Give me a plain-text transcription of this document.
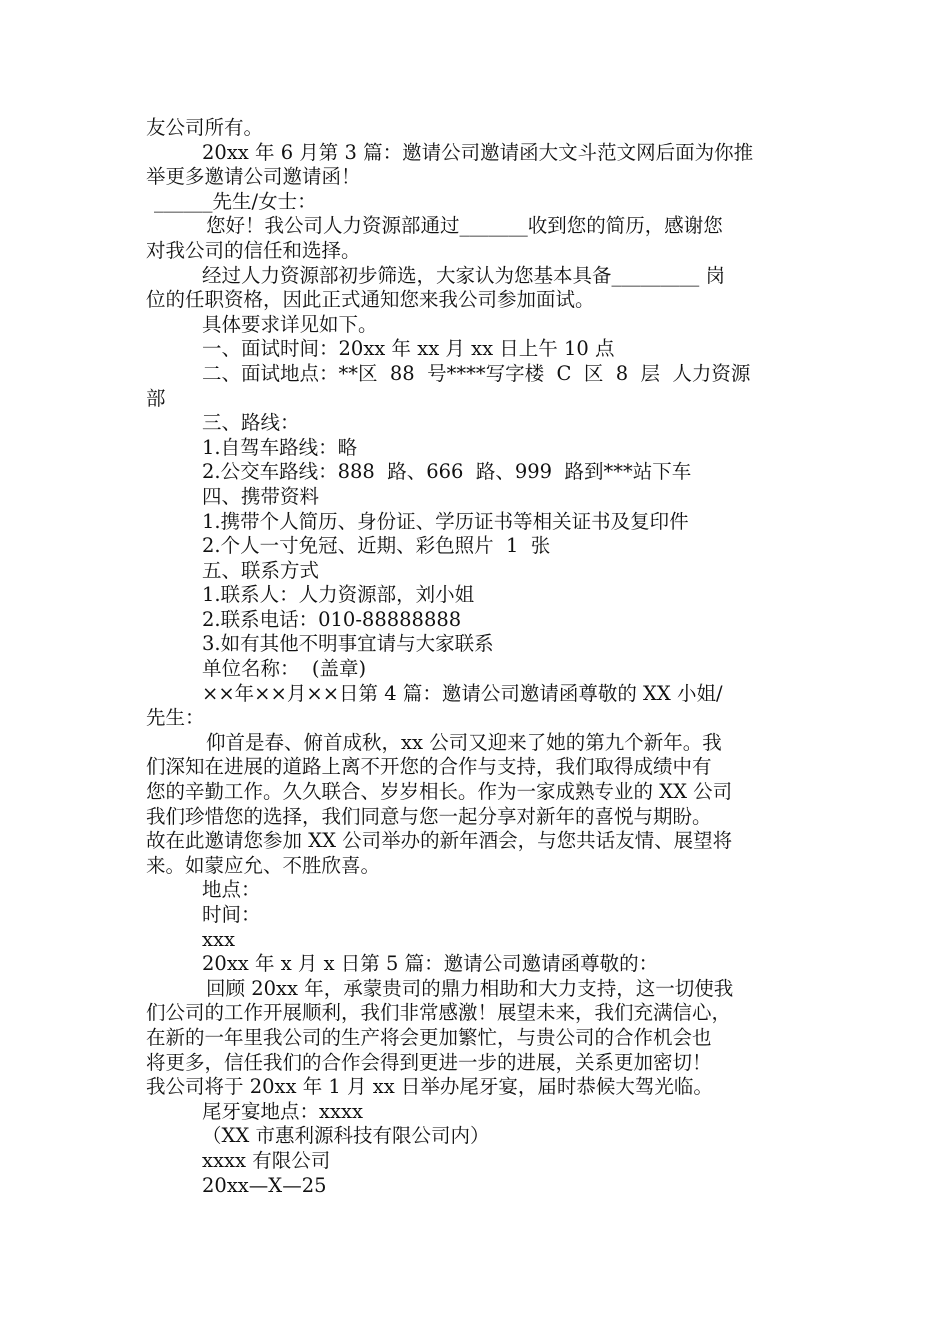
友公司所有。
20xx 年 6 月第 3 篇：邀请公司邀请函大文斗范文网后面为你推
举更多邀请公司邀请函！
______先生/女士：
您好！我公司人力资源部通过_______收到您的简历，感谢您
对我公司的信任和选择。
经过人力资源部初步筛选，大家认为您基本具备_________ 岗
位的任职资格，因此正式通知您来我公司参加面试。
具体要求详见如下。
一、面试时间：20xx 年 xx 月 xx 日上午 10 点
二、面试地点：**区  88  号****写字楼  C  区  8  层  人力资源
部
三、路线：
1.自驾车路线：略
2.公交车路线：888  路、666  路、999  路到***站下车
四、携带资料
1.携带个人简历、身份证、学历证书等相关证书及复印件
2.个人一寸免冠、近期、彩色照片  1  张
五、联系方式
1.联系人：人力资源部，刘小姐
2.联系电话：010-88888888
3.如有其他不明事宜请与大家联系
单位名称：  (盖章)
××年××月××日第 4 篇：邀请公司邀请函尊敬的 XX 小姐/
先生：
仰首是春、俯首成秋，xx 公司又迎来了她的第九个新年。我
们深知在进展的道路上离不开您的合作与支持，我们取得成绩中有
您的辛勤工作。久久联合、岁岁相长。作为一家成熟专业的 XX 公司
我们珍惜您的选择，我们同意与您一起分享对新年的喜悦与期盼。
故在此邀请您参加 XX 公司举办的新年酒会，与您共话友情、展望将
来。如蒙应允、不胜欣喜。
地点：
时间：
xxx
20xx 年 x 月 x 日第 5 篇：邀请公司邀请函尊敬的：
回顾 20xx 年，承蒙贵司的鼎力相助和大力支持，这一切使我
们公司的工作开展顺利，我们非常感激！展望未来，我们充满信心，
在新的一年里我公司的生产将会更加繁忙，与贵公司的合作机会也
将更多，信任我们的合作会得到更进一步的进展，关系更加密切！
我公司将于 20xx 年 1 月 xx 日举办尾牙宴，届时恭候大驾光临。
尾牙宴地点：xxxx
（XX 市惠利源科技有限公司内）
xxxx 有限公司
20xx—X—25
